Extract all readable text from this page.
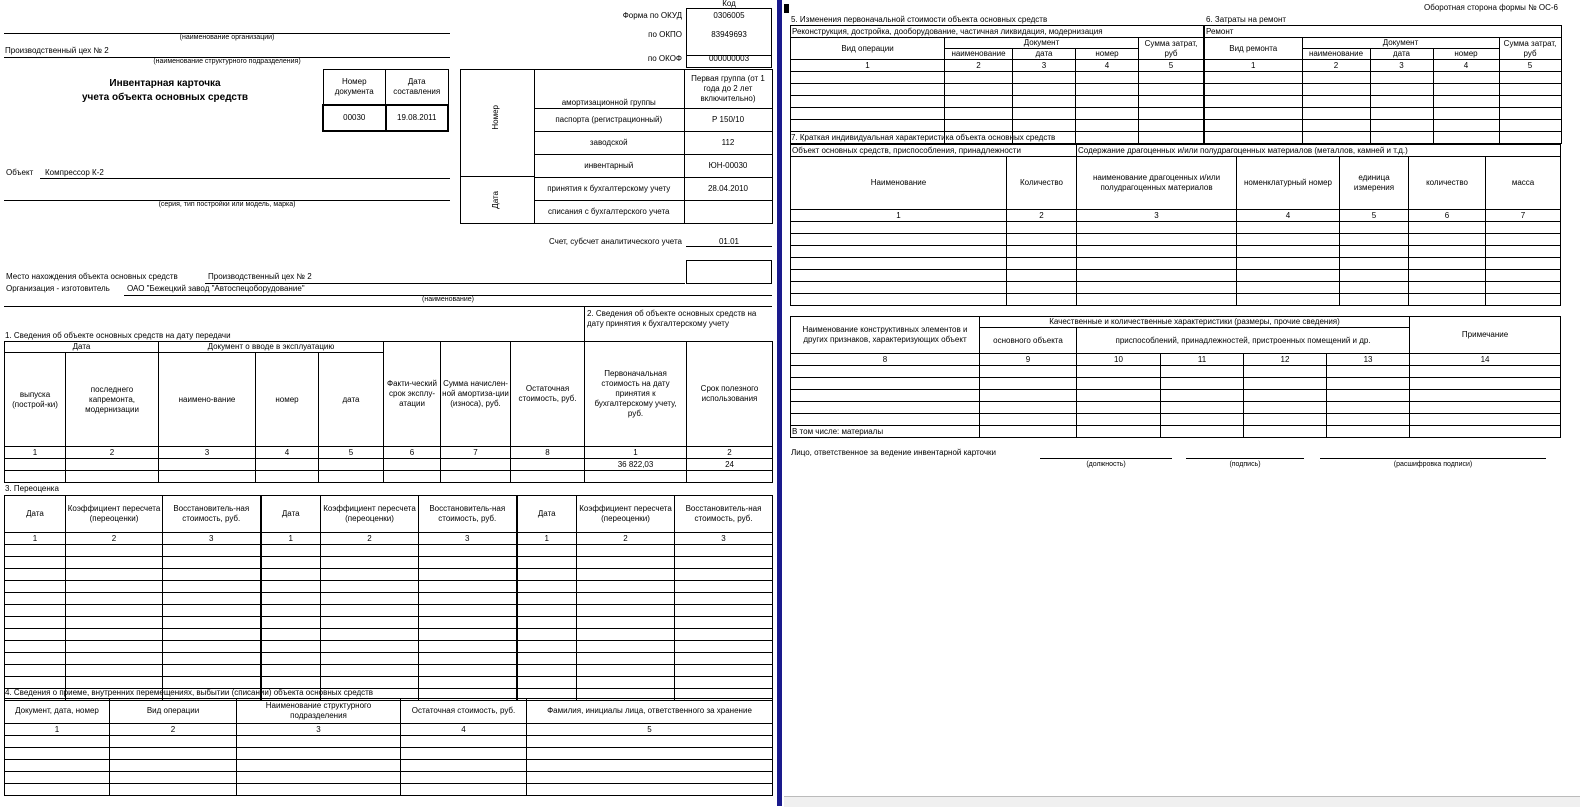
Код
Форма по ОКУД	0306005
по ОКПО	83949693
по ОКОФ	000000003
(наименование организации)
Производственный цех № 2
(наименование структурного подразделения)
Инвентарная карточка
учета объекта основных средств
Номер документа	Дата составления
00030	19.08.2011
Объект Компрессор К-2
(серия, тип постройки или модель, марка)
Номер
Дата
амортизационной группы	Первая группа (от 1 года до 2 лет включительно)
паспорта (регистрационный)	Р 150/10
заводской	112
инвентарный	ЮН-00030
принятия к бухгалтерскому учету	28.04.2010
списания с бухгалтерского учета	
Счет, субсчет аналитического учета	01.01
Место нахождения объекта основных средств	Производственный цех № 2
Организация - изготовитель ОАО "Бежецкий завод "Автоспецоборудование"
(наименование)
1. Сведения об объекте основных средств на дату передачи
2. Сведения об объекте основных средств на дату принятия к бухгалтерскому учету
Дата		Документ о вводе в эксплуатацию			Факти-ческий срок эксплу-атации	Сумма начислен-ной амортиза-ции (износа), руб.	Остаточная стоимость, руб.	Первоначальная стоимость на дату принятия к бухгалтерскому учету, руб.	Срок полезного использования
выпуска (построй-ки)	последнего капремонта, модернизации	наимено-вание	номер	дата					
1	2	3	4	5	6	7	8	1	2
								36 822,03	24

3. Переоценка
Дата	Коэффициент пересчета (переоценки)	Восстановитель-ная стоимость, руб.	Дата	Коэффициент пересчета (переоценки)	Восстановитель-ная стоимость, руб.	Дата	Коэффициент пересчета (переоценки)	Восстановитель-ная стоимость, руб.
1	2	3	1	2	3	1	2	3

4. Сведения о приеме, внутренних перемещениях, выбытии (списании) объекта основных средств
Документ, дата, номер	Вид операции	Наименование структурного подразделения	Остаточная стоимость, руб.	Фамилия, инициалы лица, ответственного за хранение
1	2	3	4	5

Оборотная сторона формы № ОС-6
5. Изменения первоначальной стоимости объекта основных средств	6. Затраты на ремонт
Реконструкция, достройка, дооборудование, частичная ликвидация, модернизация				
Вид операции	Документ			Сумма затрат, руб
	наименование	дата	номер	
1	2	3	4	5

Ремонт				
Вид ремонта	Документ			Сумма затрат, руб
	наименование	дата	номер	
1	2	3	4	5

7. Краткая индивидуальная характеристика объекта основных средств
Объект основных средств, приспособления, принадлежности		Содержание драгоценных и/или полудрагоценных материалов (металлов, камней и т.д.)				
Наименование	Количество	наименование драгоценных и/или полудрагоценных материалов	номенклатурный номер	единица измерения	количество	масса
1	2	3	4	5	6	7

Наименование конструктивных элементов и других признаков, характеризующих объект	Качественные и количественные характеристики (размеры, прочие сведения)					Примечание
	основного объекта	приспособлений, принадлежностей, пристроенных помещений и др.				
8	9	10	11	12	13	14

В том числе: материалы						
Лицо, ответственное за ведение инвентарной карточки
(должность)	(подпись)	(расшифровка подписи)
